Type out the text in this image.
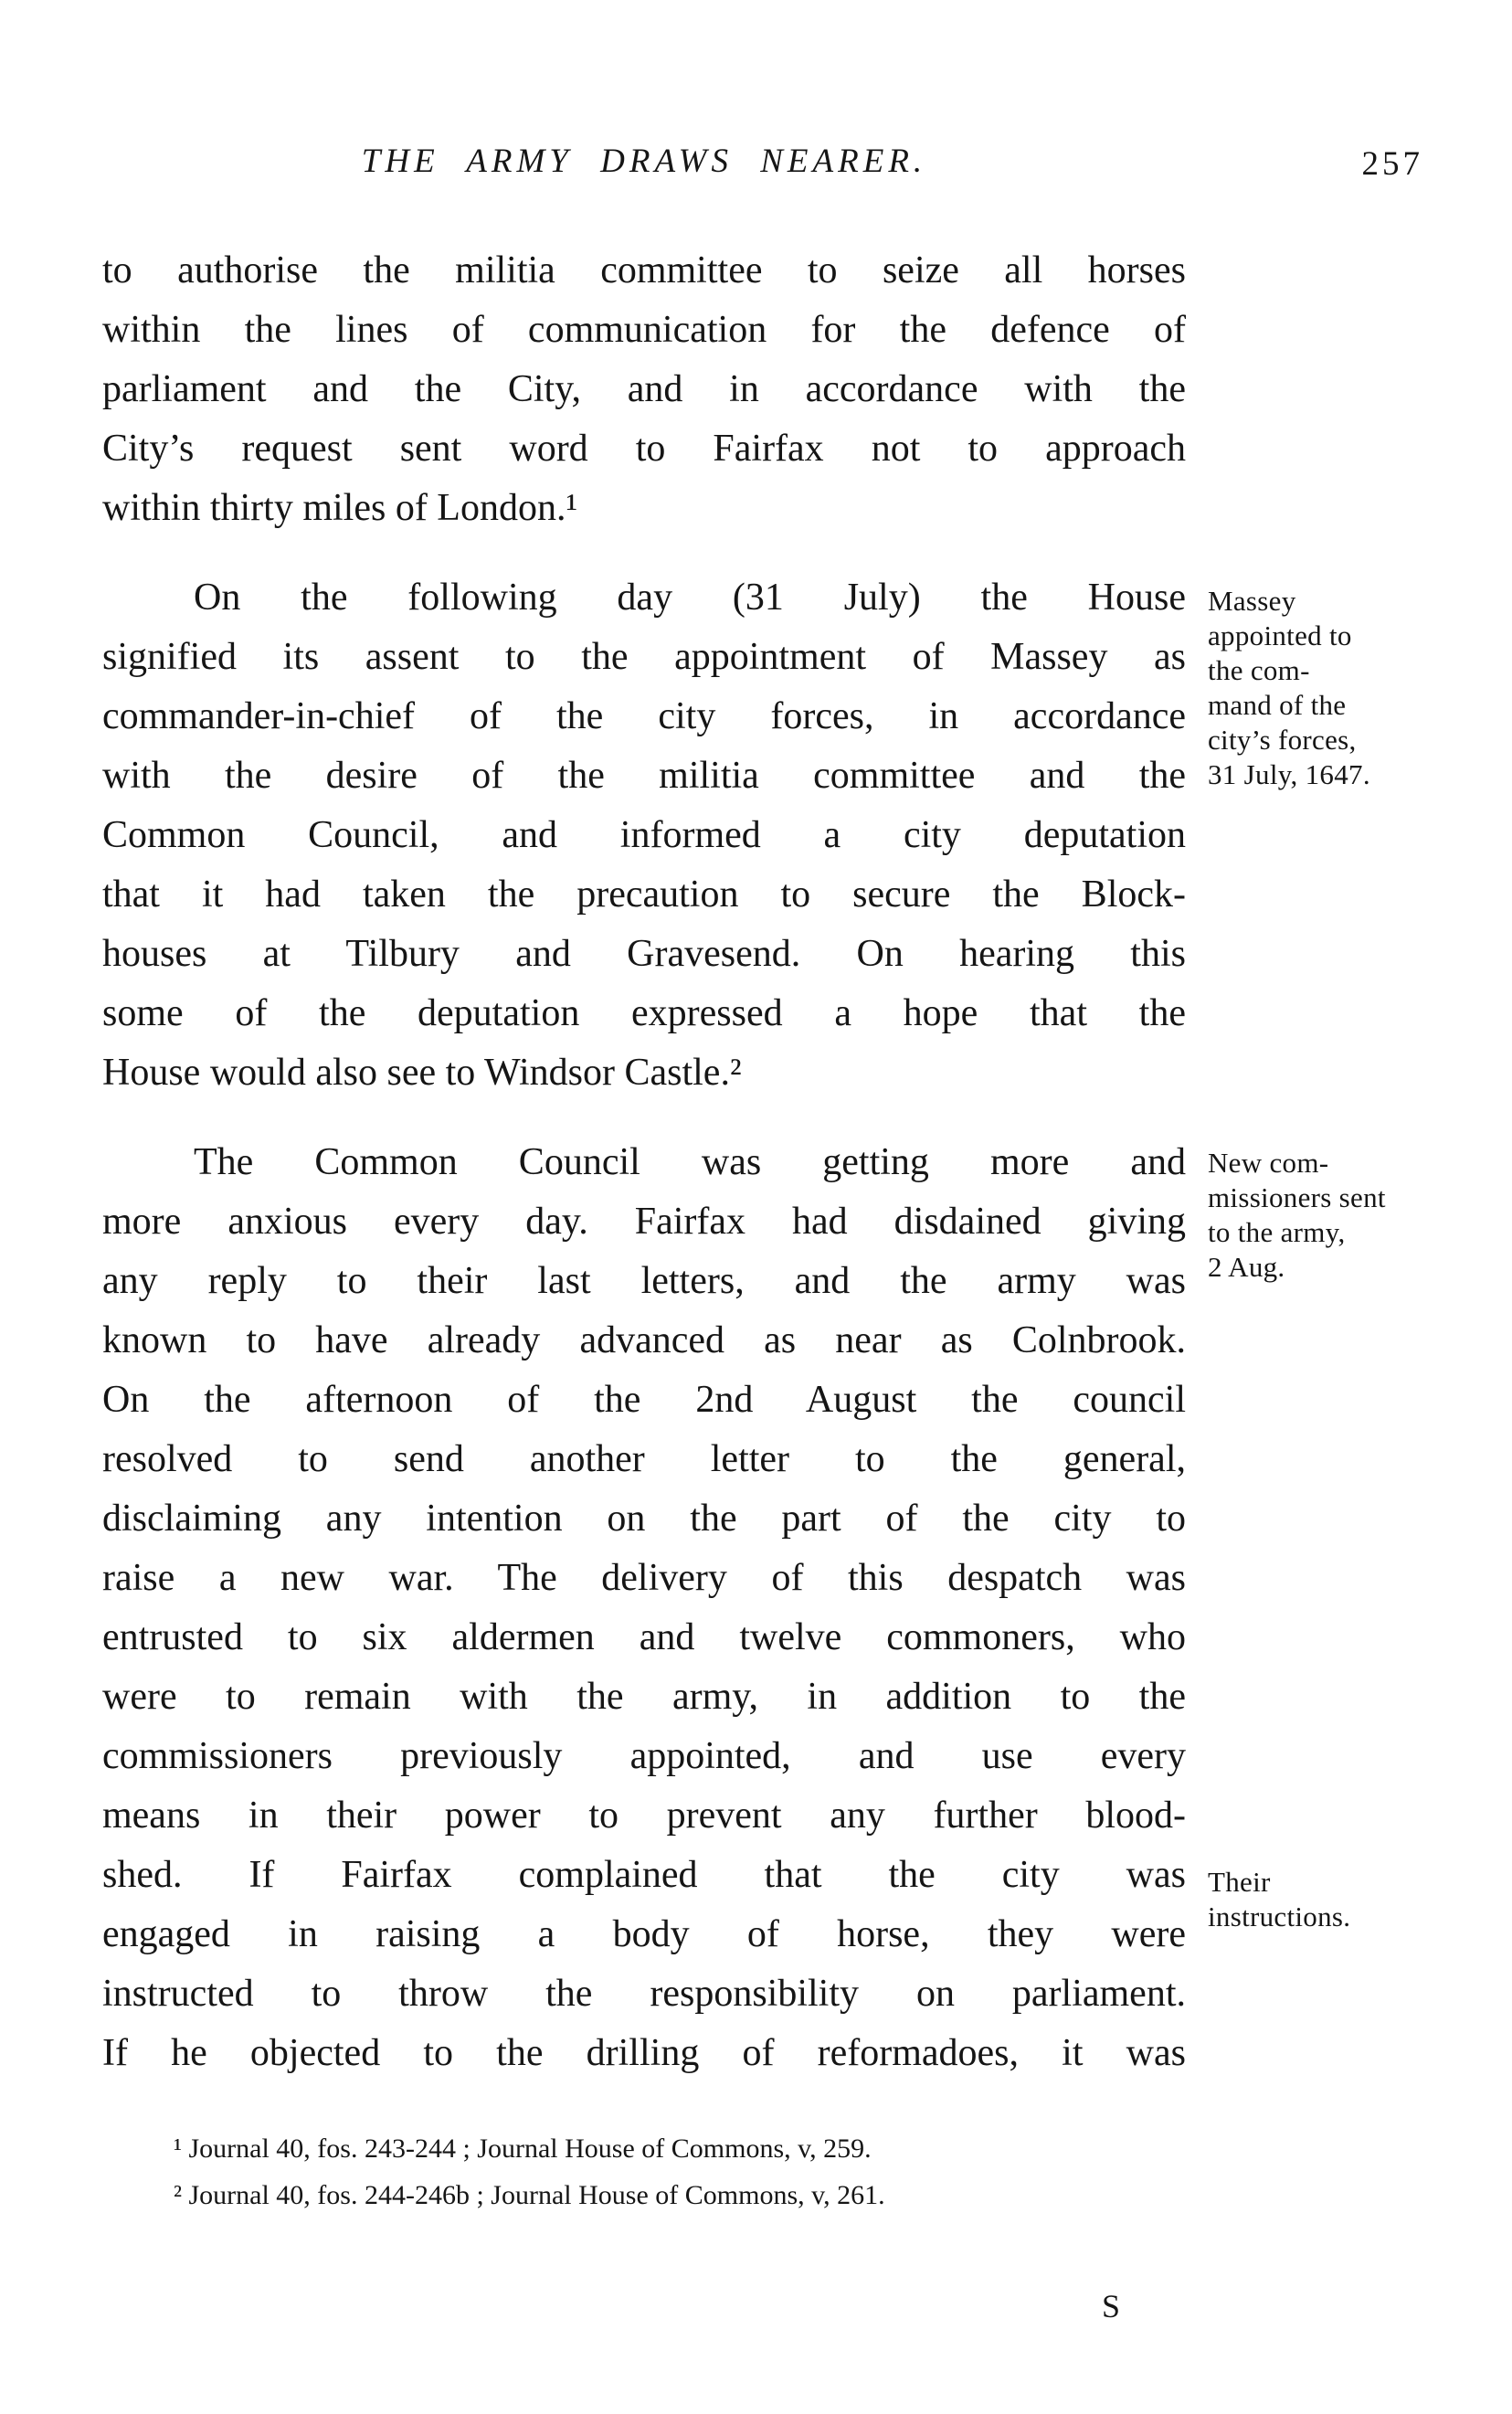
THE ARMY DRAWS NEARER.	257
to authorise the militia committee to seize all horses
within the lines of communication for the defence of
parliament and the City, and in accordance with the
City’s request sent word to Fairfax not to approach
within thirty miles of London.¹
On the following day (31 July) the House
signified its assent to the appointment of Massey as
commander-in-chief of the city forces, in accordance
with the desire of the militia committee and the
Common Council, and informed a city deputation
that it had taken the precaution to secure the Block-
houses at Tilbury and Gravesend. On hearing this
some of the deputation expressed a hope that the
House would also see to Windsor Castle.²
The Common Council was getting more and
more anxious every day. Fairfax had disdained giving
any reply to their last letters, and the army was
known to have already advanced as near as Colnbrook.
On the afternoon of the 2nd August the council
resolved to send another letter to the general,
disclaiming any intention on the part of the city to
raise a new war. The delivery of this despatch was
entrusted to six aldermen and twelve commoners, who
were to remain with the army, in addition to the
commissioners previously appointed, and use every
means in their power to prevent any further blood-
shed. If Fairfax complained that the city was
engaged in raising a body of horse, they were
instructed to throw the responsibility on parliament.
If he objected to the drilling of reformadoes, it was
Massey
appointed to
the com-
mand of the
city’s forces,
31 July, 1647.
New com-
missioners sent
to the army,
2 Aug.
Their
instructions.
¹ Journal 40, fos. 243-244 ; Journal House of Commons, v, 259.
² Journal 40, fos. 244-246b ; Journal House of Commons, v, 261.
S
